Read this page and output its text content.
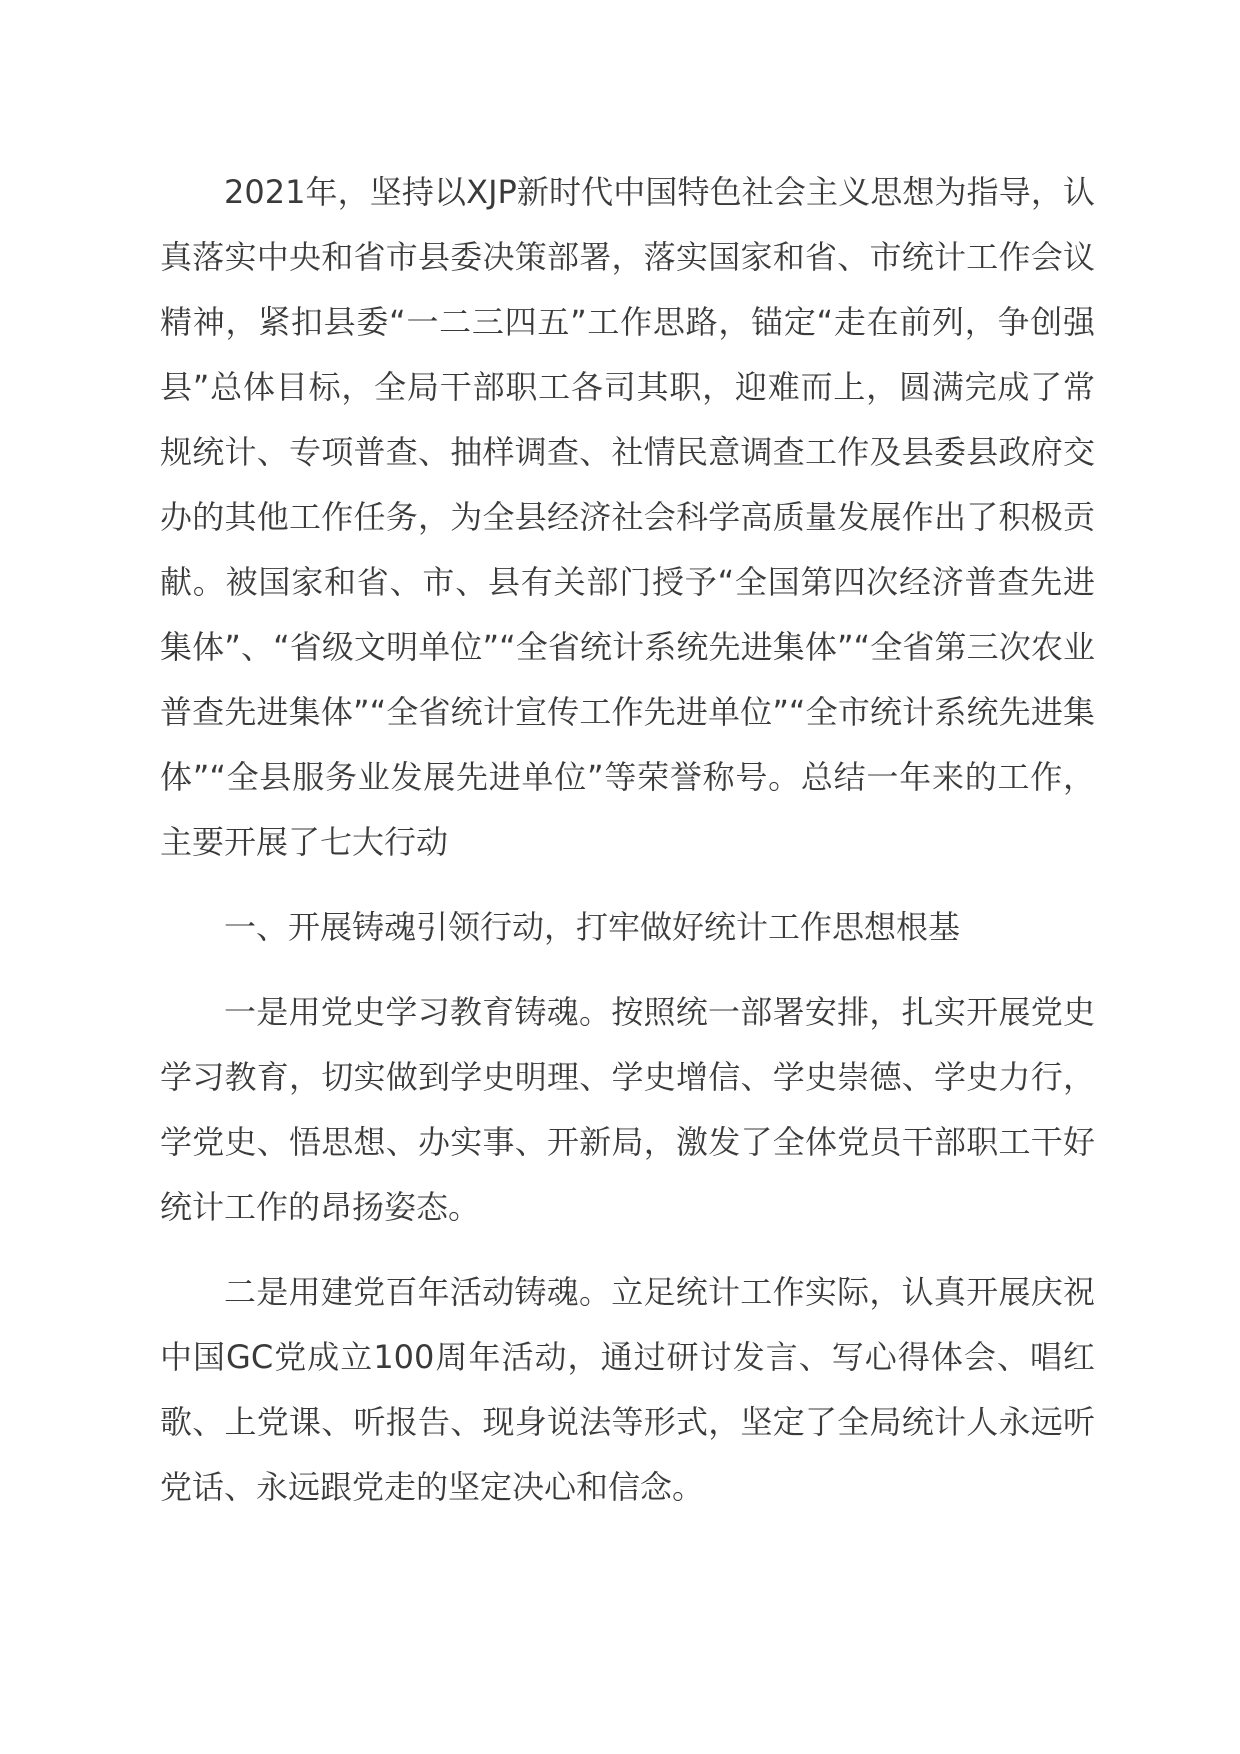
2021年，坚持以XJP新时代中国特色社会主义思想为指导，认真落实中央和省市县委决策部署，落实国家和省、市统计工作会议精神，紧扣县委“一二三四五”工作思路，锚定“走在前列，争创强县”总体目标，全局干部职工各司其职，迎难而上，圆满完成了常规统计、专项普查、抽样调查、社情民意调查工作及县委县政府交办的其他工作任务，为全县经济社会科学高质量发展作出了积极贡献。被国家和省、市、县有关部门授予“全国第四次经济普查先进集体”、“省级文明单位”“全省统计系统先进集体”“全省第三次农业普查先进集体”“全省统计宣传工作先进单位”“全市统计系统先进集体”“全县服务业发展先进单位”等荣誉称号。总结一年来的工作，主要开展了七大行动

一、开展铸魂引领行动，打牢做好统计工作思想根基

一是用党史学习教育铸魂。按照统一部署安排，扎实开展党史学习教育，切实做到学史明理、学史增信、学史崇德、学史力行，学党史、悟思想、办实事、开新局，激发了全体党员干部职工干好统计工作的昂扬姿态。

二是用建党百年活动铸魂。立足统计工作实际，认真开展庆祝中国GC党成立100周年活动，通过研讨发言、写心得体会、唱红歌、上党课、听报告、现身说法等形式，坚定了全局统计人永远听党话、永远跟党走的坚定决心和信念。
